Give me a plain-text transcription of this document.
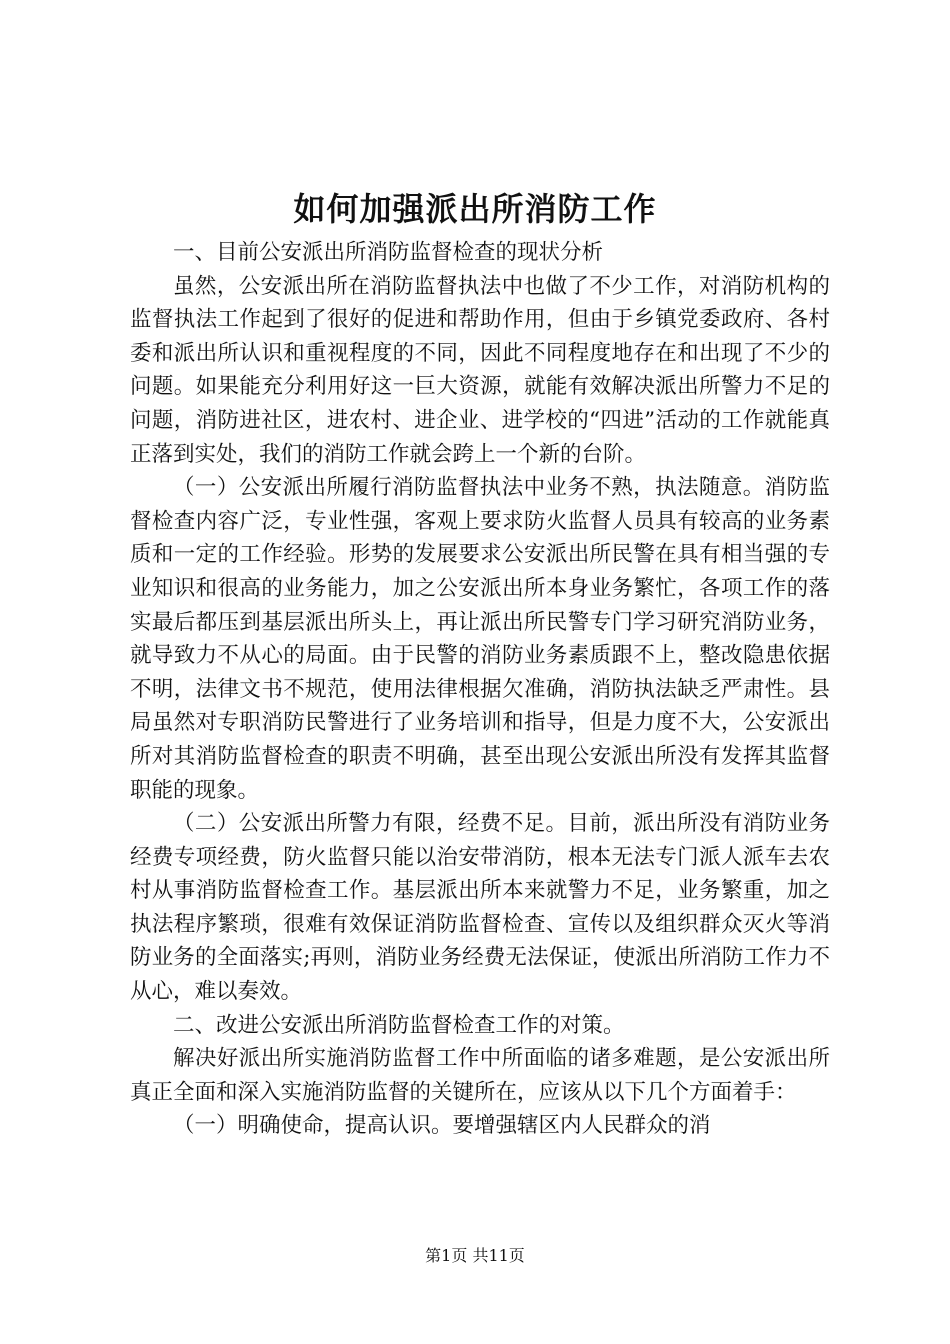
如何加强派出所消防工作

一、目前公安派出所消防监督检查的现状分析

虽然，公安派出所在消防监督执法中也做了不少工作，对消防机构的监督执法工作起到了很好的促进和帮助作用，但由于乡镇党委政府、各村委和派出所认识和重视程度的不同，因此不同程度地存在和出现了不少的问题。如果能充分利用好这一巨大资源，就能有效解决派出所警力不足的问题，消防进社区，进农村、进企业、进学校的“四进”活动的工作就能真正落到实处，我们的消防工作就会跨上一个新的台阶。

（一）公安派出所履行消防监督执法中业务不熟，执法随意。消防监督检查内容广泛，专业性强，客观上要求防火监督人员具有较高的业务素质和一定的工作经验。形势的发展要求公安派出所民警在具有相当强的专业知识和很高的业务能力，加之公安派出所本身业务繁忙，各项工作的落实最后都压到基层派出所头上，再让派出所民警专门学习研究消防业务，就导致力不从心的局面。由于民警的消防业务素质跟不上，整改隐患依据不明，法律文书不规范，使用法律根据欠准确，消防执法缺乏严肃性。县局虽然对专职消防民警进行了业务培训和指导，但是力度不大，公安派出所对其消防监督检查的职责不明确，甚至出现公安派出所没有发挥其监督职能的现象。

（二）公安派出所警力有限，经费不足。目前，派出所没有消防业务经费专项经费，防火监督只能以治安带消防，根本无法专门派人派车去农村从事消防监督检查工作。基层派出所本来就警力不足，业务繁重，加之执法程序繁琐，很难有效保证消防监督检查、宣传以及组织群众灭火等消防业务的全面落实;再则，消防业务经费无法保证，使派出所消防工作力不从心，难以奏效。

二、改进公安派出所消防监督检查工作的对策。

解决好派出所实施消防监督工作中所面临的诸多难题，是公安派出所真正全面和深入实施消防监督的关键所在，应该从以下几个方面着手：

（一）明确使命，提高认识。要增强辖区内人民群众的消

第1页 共11页
